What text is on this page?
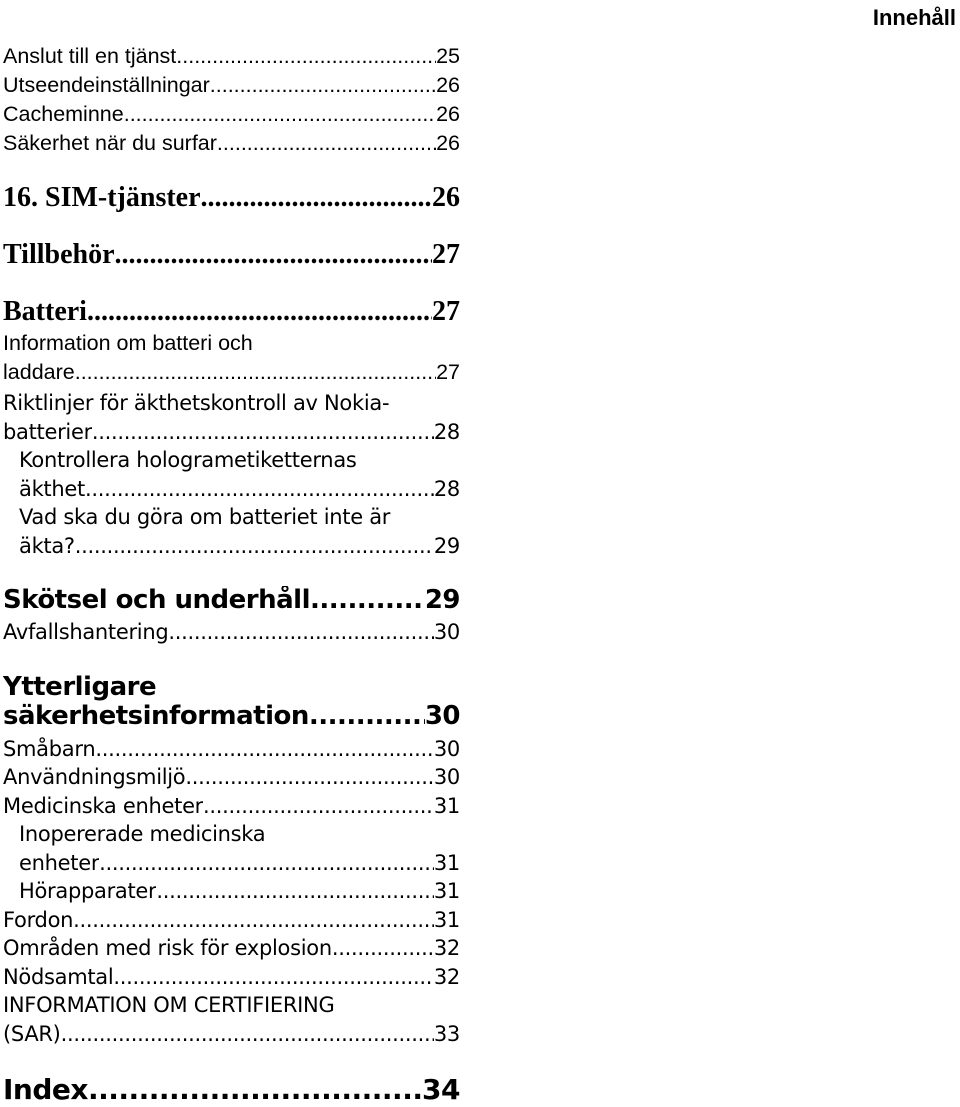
Innehåll
Anslut till en tjänst .....	25
Utseendeinställningar .....	26
Cacheminne .....	26
Säkerhet när du surfar .....	26
16. SIM-tjänster .....	26
Tillbehör .....	27
Batteri .....	27
Information om batteri och
laddare .....	27
Riktlinjer för äkthetskontroll av Nokia-
batterier .....	28
Kontrollera hologrametiketternas
äkthet .....	28
Vad ska du göra om batteriet inte är
äkta? .....	29
Skötsel och underhåll .....	29
Avfallshantering .....	30
Ytterligare
säkerhetsinformation .....	30
Småbarn .....	30
Användningsmiljö .....	30
Medicinska enheter .....	31
Inopererade medicinska
enheter .....	31
Hörapparater .....	31
Fordon .....	31
Områden med risk för explosion .....	32
Nödsamtal .....	32
INFORMATION OM CERTIFIERING
(SAR) .....	33
Index .....	34
